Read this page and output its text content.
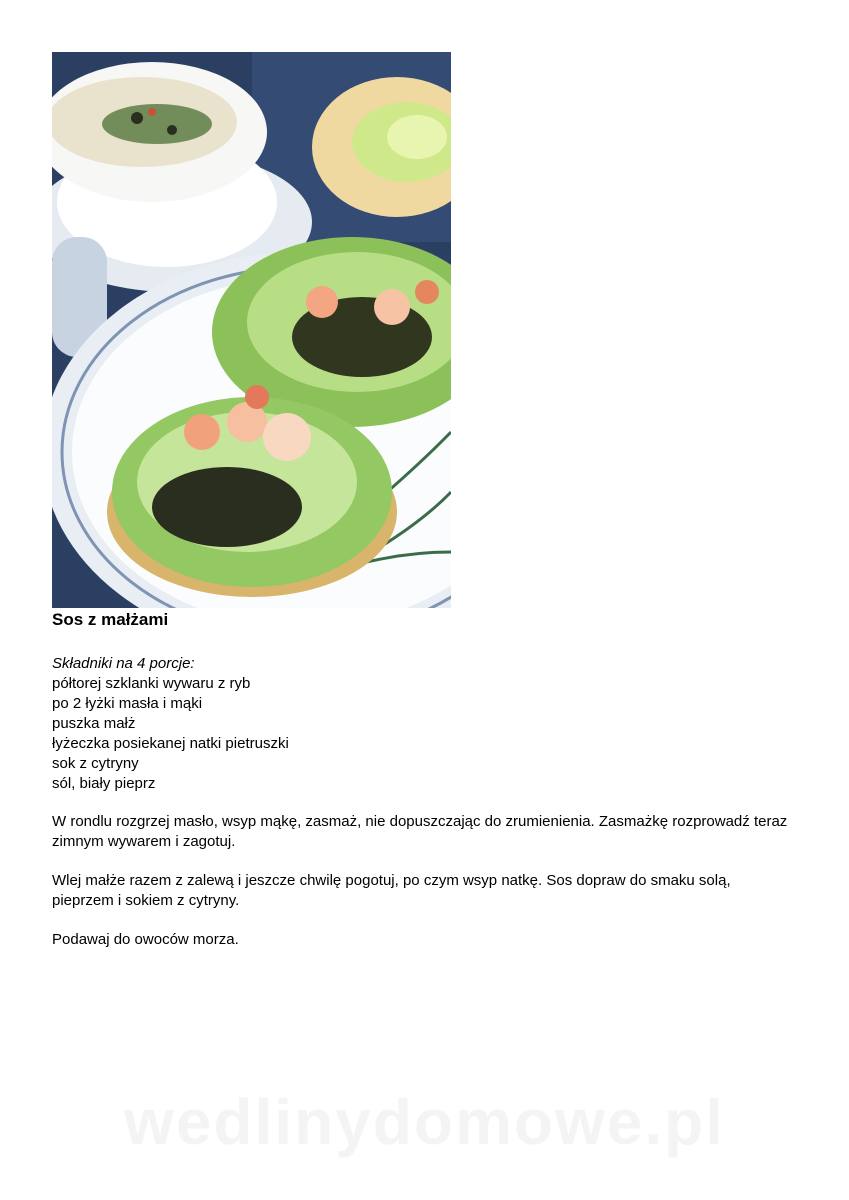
Sos z małżami
Składniki na 4 porcje:
półtorej szklanki wywaru z ryb
po 2 łyżki masła i mąki
puszka małż
łyżeczka posiekanej natki pietruszki
sok z cytryny
sól, biały pieprz

W rondlu rozgrzej masło, wsyp mąkę, zasmaż, nie dopuszczając do zrumienienia. Zasmażkę rozprowadź teraz zimnym wywarem i zagotuj.

Wlej małże razem z zalewą i jeszcze chwilę pogotuj, po czym wsyp natkę. Sos dopraw do smaku solą, pieprzem i sokiem z cytryny.

Podawaj do owoców morza.

wedlinydomowe.pl
